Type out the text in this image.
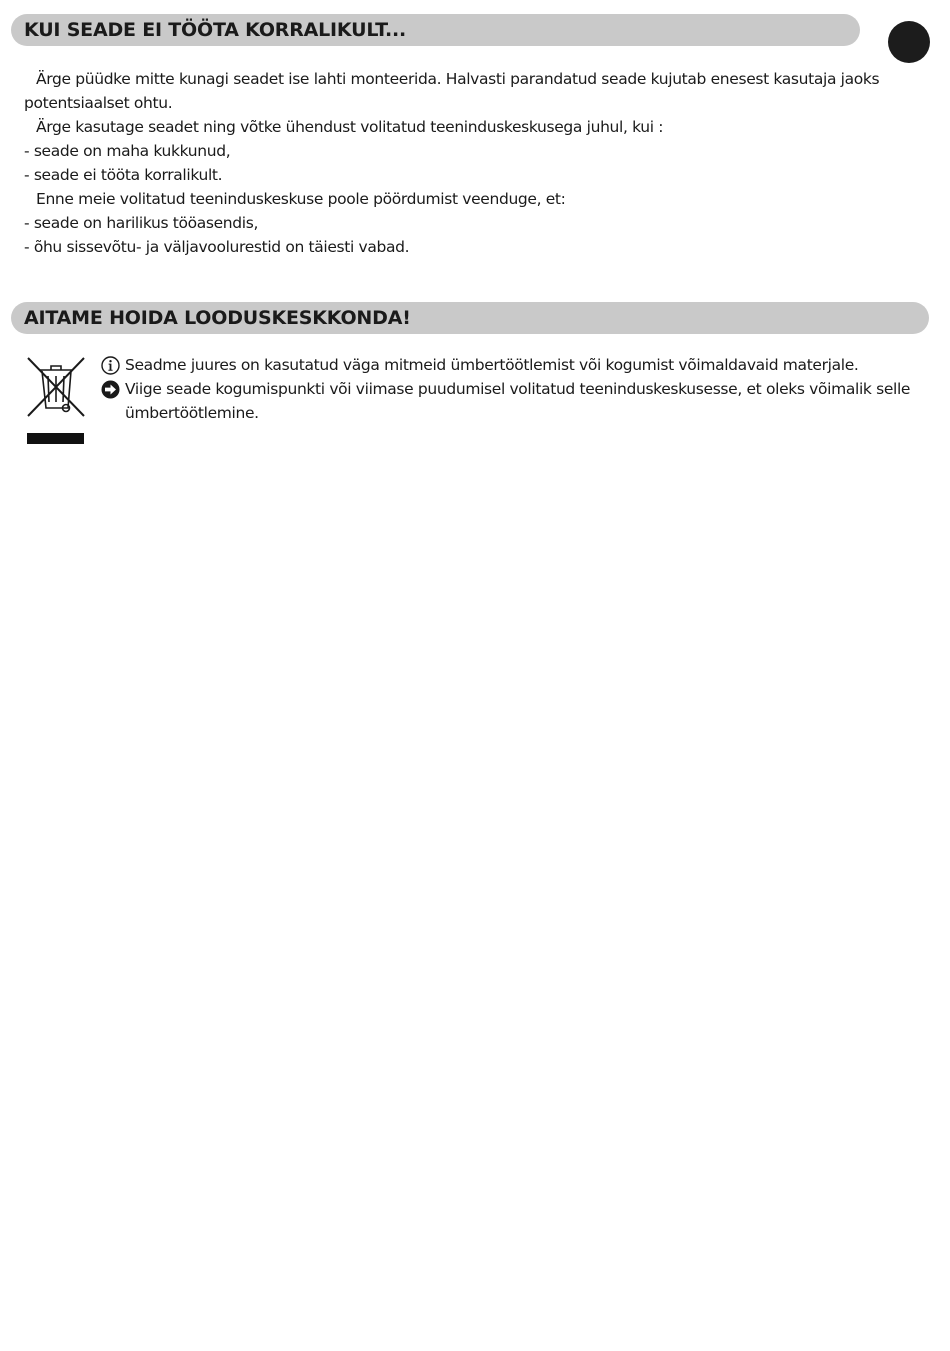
KUI SEADE EI TÖÖTA KORRALIKULT...

Ärge püüdke mitte kunagi seadet ise lahti monteerida. Halvasti parandatud seade kujutab enesest kasutaja jaoks potentsiaalset ohtu.

Ärge kasutage seadet ning võtke ühendust volitatud teeninduskeskusega juhul, kui :

- seade on maha kukkunud,

- seade ei tööta korralikult.

Enne meie volitatud teeninduskeskuse poole pöördumist veenduge, et:

- seade on harilikus tööasendis,

- õhu sissevõtu- ja väljavoolurestid on täiesti vabad.

AITAME HOIDA LOODUSKESKKONDA!
Seadme juures on kasutatud väga mitmeid ümbertöötlemist või kogumist võimaldavaid materjale.
Viige seade kogumispunkti või viimase puudumisel volitatud teeninduskeskusesse, et oleks võimalik selle ümbertöötlemine.
